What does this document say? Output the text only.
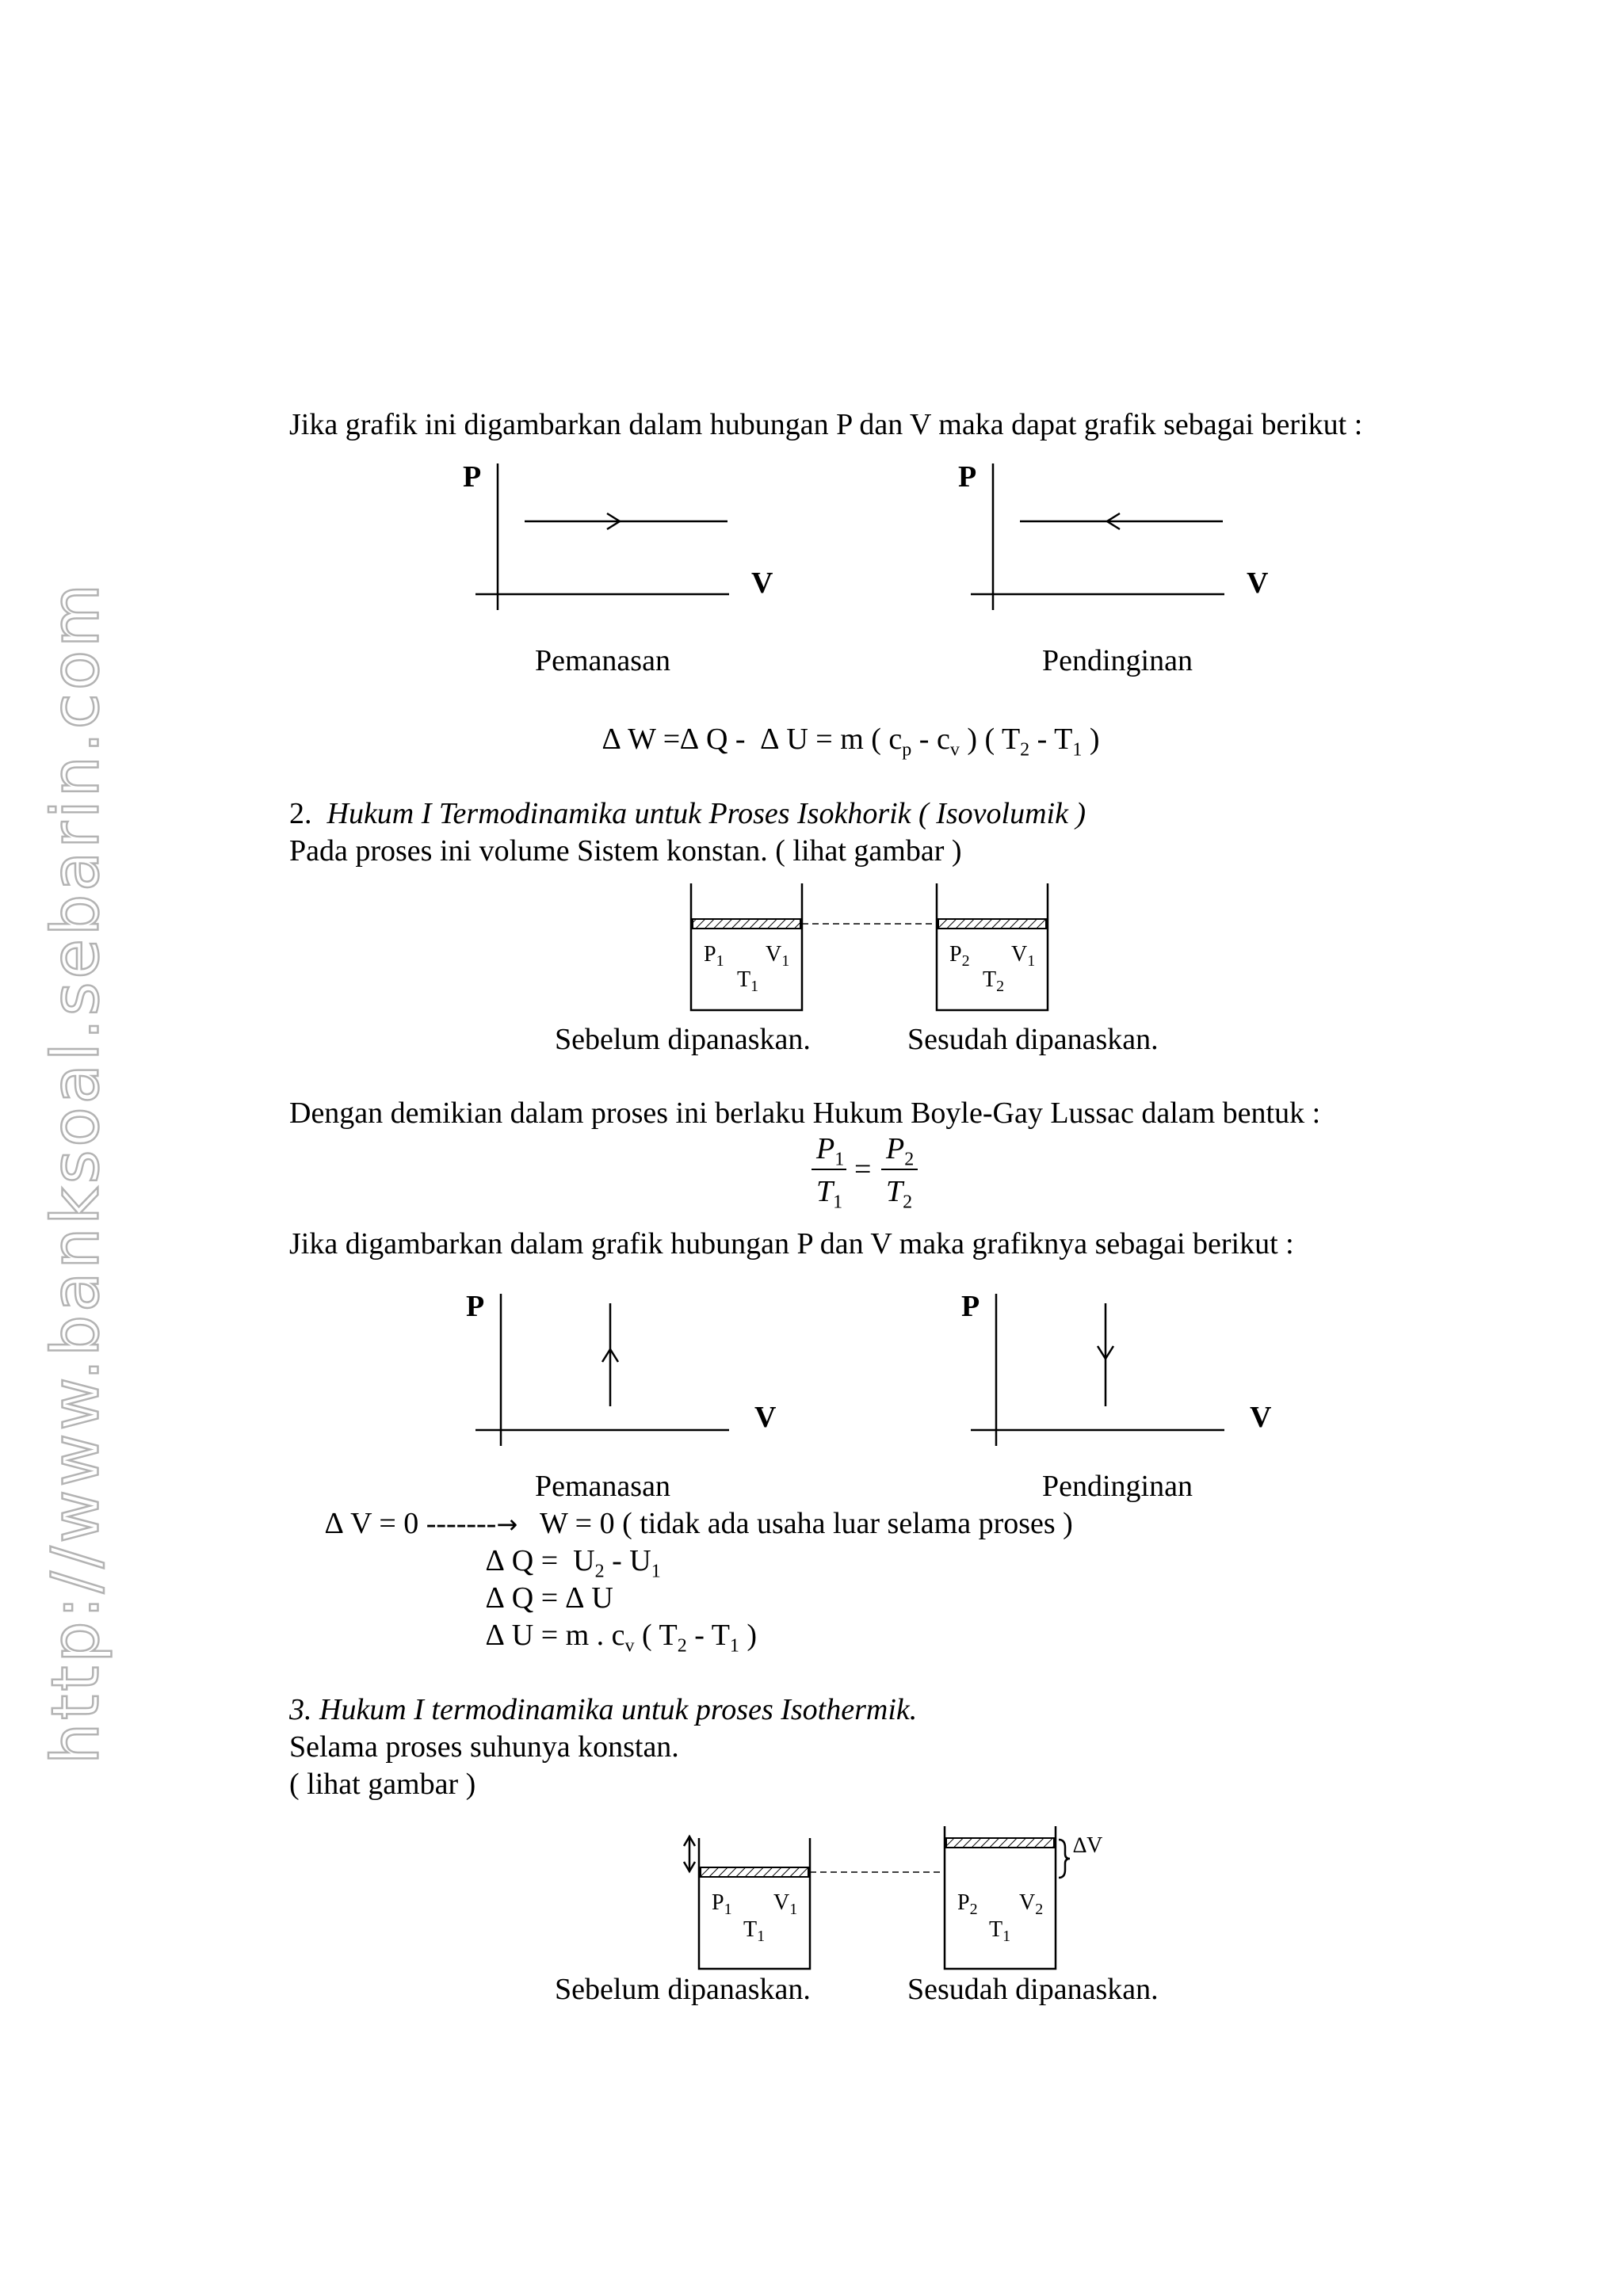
http://www.banksoal.sebarin.com
Jika grafik ini digambarkan dalam hubungan P dan V maka dapat grafik sebagai berikut :
P
V
Pemanasan
P
V
Pendinginan
∆ W =∆ Q -  ∆ U = m ( $c_p - c_v$ ) ( $T_2 - T_1$ )
2. Hukum I Termodinamika untuk Proses Isokhorik ( Isovolumik )
Pada proses ini volume Sistem konstan. ( lihat gambar )
$P_1$ $V_1$
$T_1$
$P_2$ $V_1$
$T_2$
Sebelum dipanaskan.	Sesudah dipanaskan.
Dengan demikian dalam proses ini berlaku Hukum Boyle-Gay Lussac dalam bentuk :
$P_1$
$T_1$
=
$P_2$
$T_2$
Jika digambarkan dalam grafik hubungan P dan V maka grafiknya sebagai berikut :
P
V
Pemanasan
P
V
Pendinginan
∆ V = 0 -------→ W = 0 ( tidak ada usaha luar selama proses )
∆ $Q = U_2 - U_1$
∆ Q = ∆ U
∆ U = m . $c_v$ ( $T_2 - T_1$ )
3. Hukum I termodinamika untuk proses Isothermik.
Selama proses suhunya konstan.
( lihat gambar )
∆V
$P_1$ $V_1$
$T_1$
$P_2$ $V_2$
$T_1$
Sebelum dipanaskan.	Sesudah dipanaskan.
